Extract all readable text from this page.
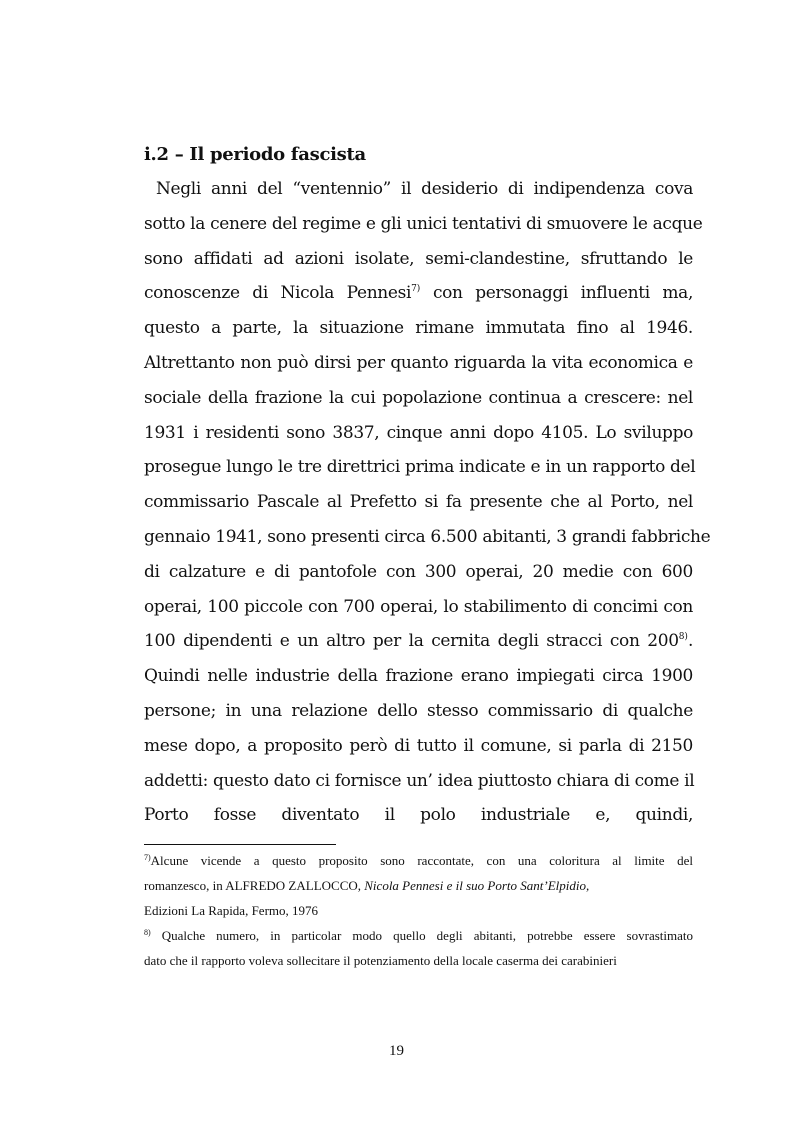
i.2 – Il periodo fascista
Negli anni del “ventennio” il desiderio di indipendenza cova
sotto la cenere del regime e gli unici tentativi di smuovere le acque
sono affidati ad azioni isolate, semi-clandestine, sfruttando le
conoscenze di Nicola Pennesi$^{7)}$ con personaggi influenti ma,
questo a parte, la situazione rimane immutata fino al 1946.
Altrettanto non può dirsi per quanto riguarda la vita economica e
sociale della frazione la cui popolazione continua a crescere: nel
1931 i residenti sono 3837, cinque anni dopo 4105. Lo sviluppo
prosegue lungo le tre direttrici prima indicate e in un rapporto del
commissario Pascale al Prefetto si fa presente che al Porto, nel
gennaio 1941, sono presenti circa 6.500 abitanti, 3 grandi fabbriche
di calzature e di pantofole con 300 operai, 20 medie con 600
operai, 100 piccole con 700 operai, lo stabilimento di concimi con
100 dipendenti e un altro per la cernita degli stracci con 200$^{8)}$.
Quindi nelle industrie della frazione erano impiegati circa 1900
persone; in una relazione dello stesso commissario di qualche
mese dopo, a proposito però di tutto il comune, si parla di 2150
addetti: questo dato ci fornisce un’ idea piuttosto chiara di come il
Porto fosse diventato il polo industriale e, quindi,
$^{7)}$Alcune vicende a questo proposito sono raccontate, con una coloritura al limite del
romanzesco, in ALFREDO ZALLOCCO, Nicola Pennesi e il suo Porto Sant’Elpidio,
Edizioni La Rapida, Fermo, 1976
$^{8)}$ Qualche numero, in particolar modo quello degli abitanti, potrebbe essere sovrastimato
dato che il rapporto voleva sollecitare il potenziamento della locale caserma dei carabinieri
19
